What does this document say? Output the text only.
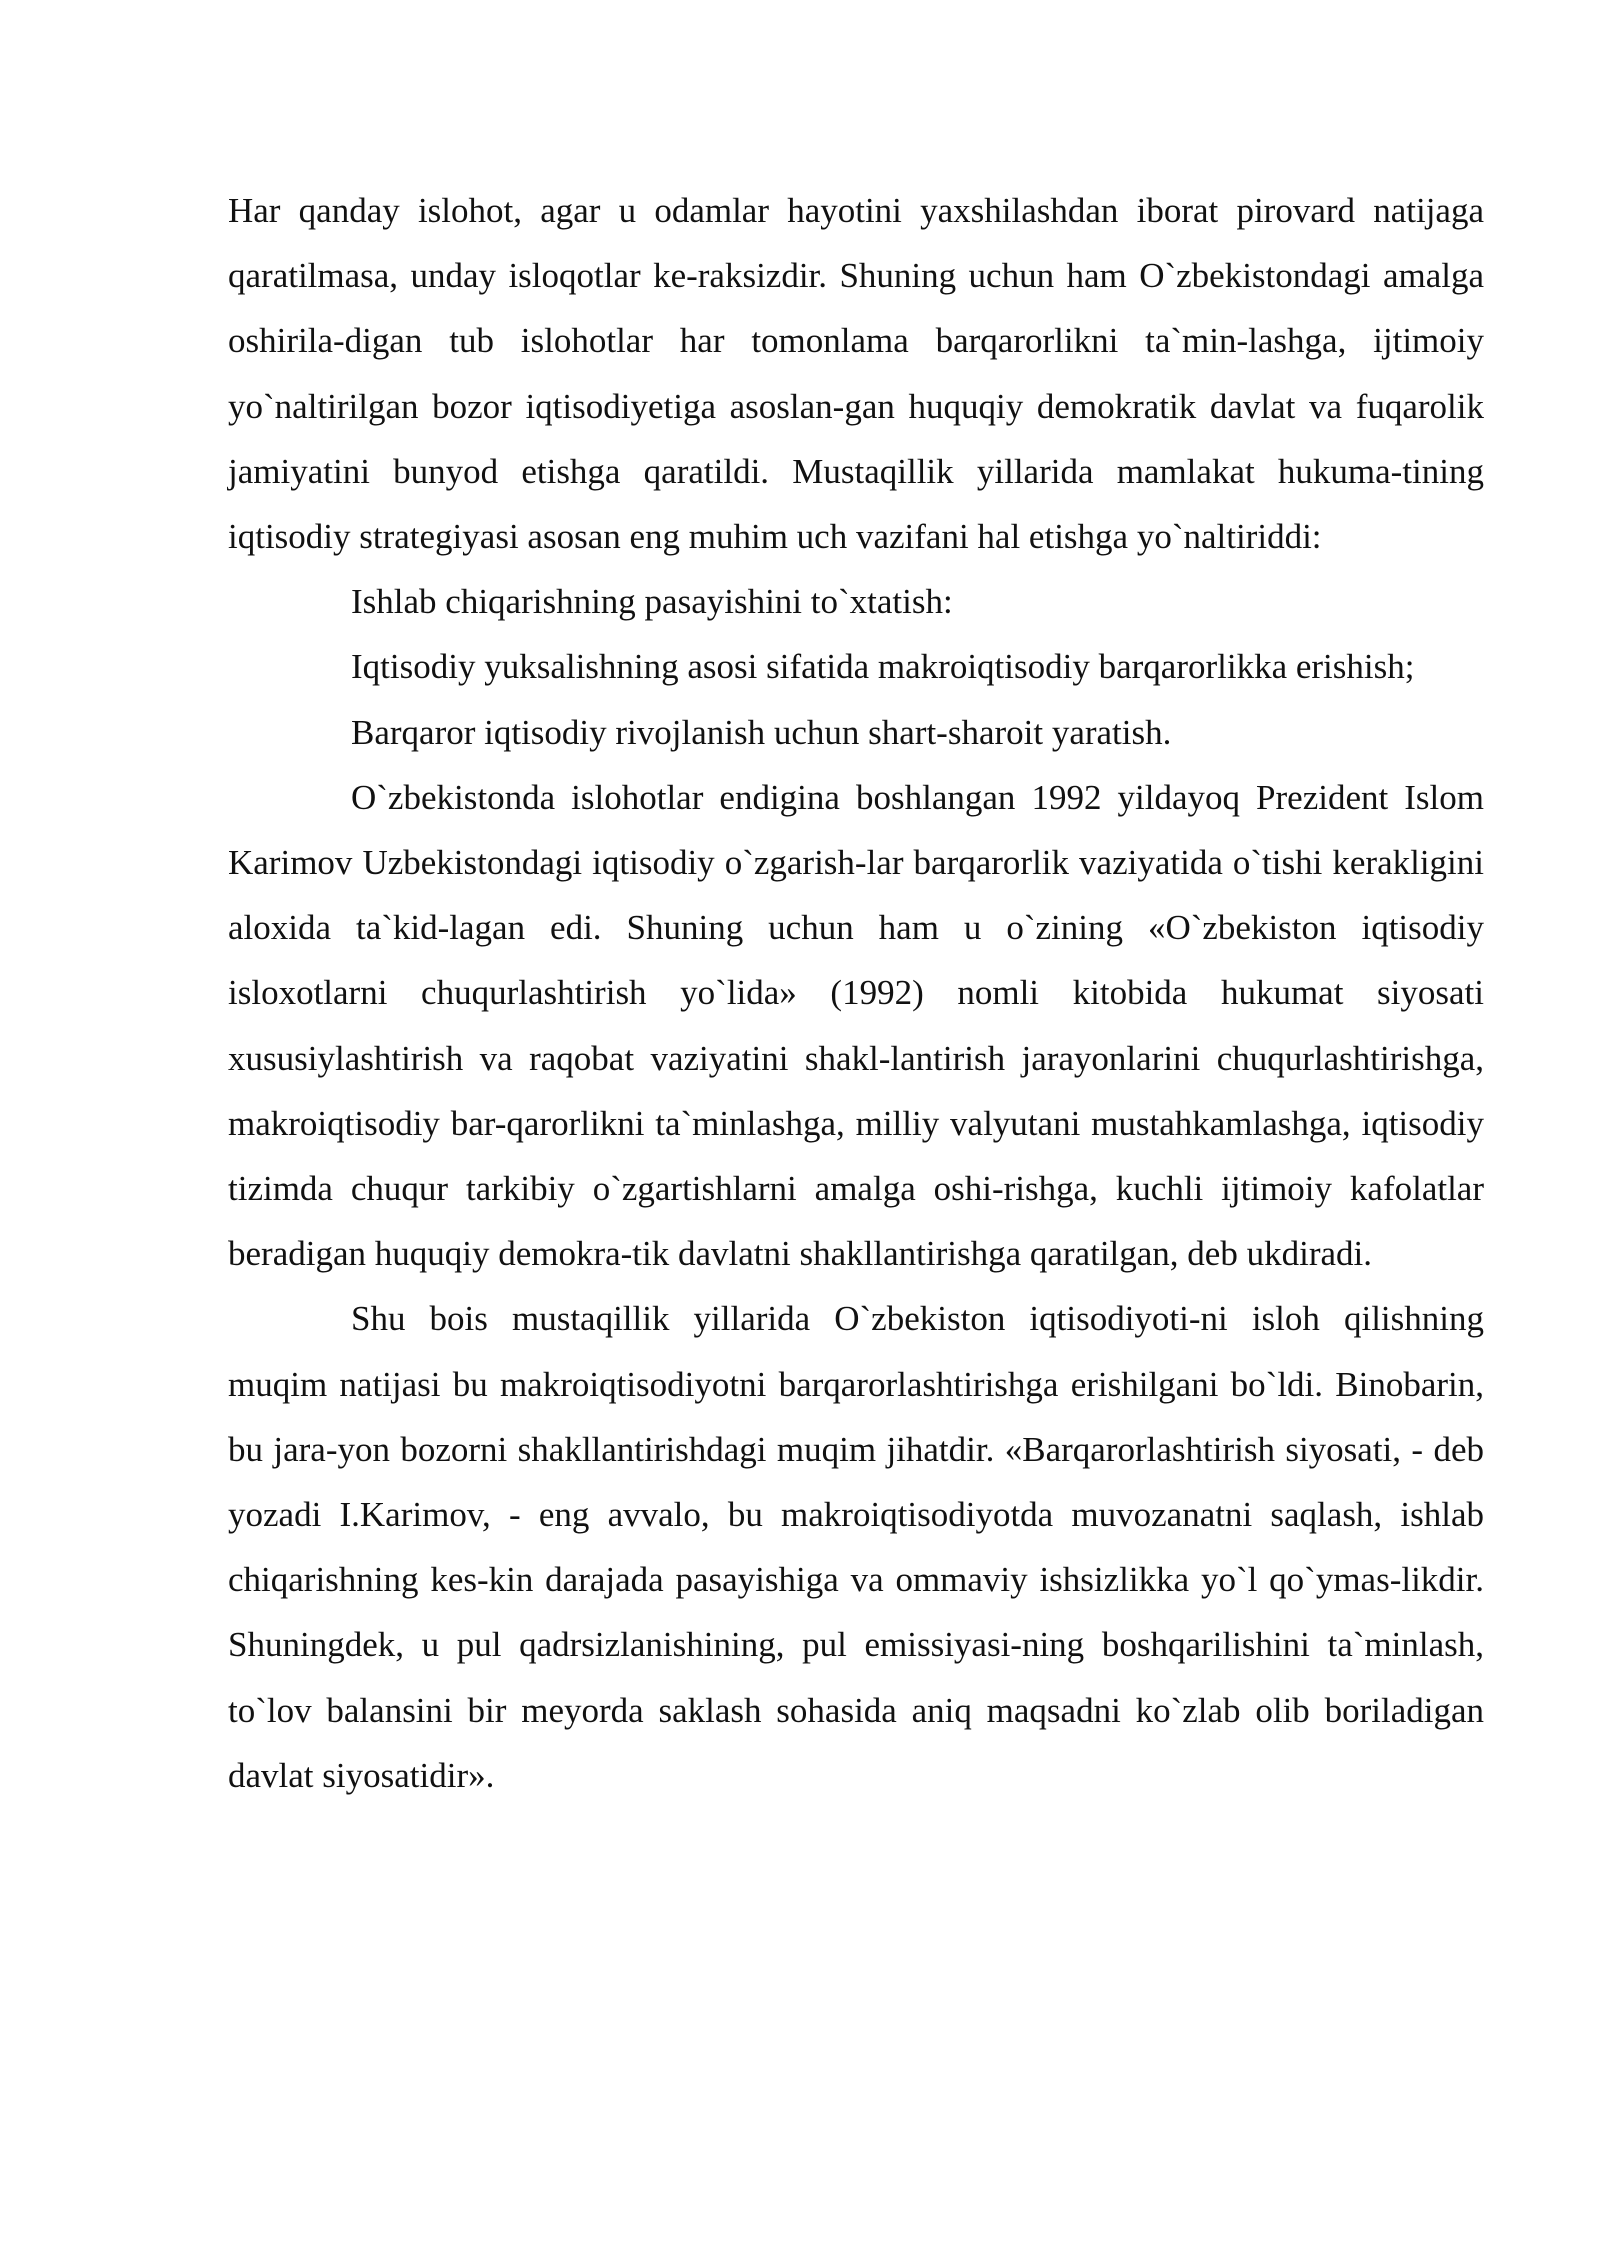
Har qanday islohot, agar u odamlar hayotini yaxshilashdan iborat pirovard natijaga qaratilmasa, unday isloqotlar ke-raksizdir. Shuning uchun ham O`zbekistondagi amalga oshirila-digan tub islohotlar har tomonlama barqarorlikni ta`min-lashga, ijtimoiy yo`naltirilgan bozor iqtisodiyetiga asoslan-gan huquqiy demokratik davlat va fuqarolik jamiyatini bunyod etishga qaratildi. Mustaqillik yillarida mamlakat hukuma-tining iqtisodiy strategiyasi asosan eng muhim uch vazifani hal etishga yo`naltiriddi:

Ishlab chiqarishning pasayishini to`xtatish:

Iqtisodiy yuksalishning asosi sifatida makroiqtisodiy barqarorlikka erishish;

Barqaror iqtisodiy rivojlanish uchun shart-sharoit yaratish.

O`zbekistonda islohotlar endigina boshlangan 1992 yildayoq Prezident Islom Karimov Uzbekistondagi iqtisodiy o`zgarish-lar barqarorlik vaziyatida o`tishi kerakligini aloxida ta`kid-lagan edi. Shuning uchun ham u o`zining «O`zbekiston iqtisodiy isloxotlarni chuqurlashtirish yo`lida» (1992) nomli kitobida hukumat siyosati xususiylashtirish va raqobat vaziyatini shakl-lantirish jarayonlarini chuqurlashtirishga, makroiqtisodiy bar-qarorlikni ta`minlashga, milliy valyutani mustahkamlashga, iqtisodiy tizimda chuqur tarkibiy o`zgartishlarni amalga oshi-rishga, kuchli ijtimoiy kafolatlar beradigan huquqiy demokra-tik davlatni shakllantirishga qaratilgan, deb ukdiradi.

Shu bois mustaqillik yillarida O`zbekiston iqtisodiyoti-ni isloh qilishning muqim natijasi bu makroiqtisodiyotni barqarorlashtirishga erishilgani bo`ldi. Binobarin, bu jara-yon bozorni shakllantirishdagi muqim jihatdir. «Barqarorlashtirish siyosati, - deb yozadi I.Karimov, - eng avvalo, bu makroiqtisodiyotda muvozanatni saqlash, ishlab chiqarishning kes-kin darajada pasayishiga va ommaviy ishsizlikka yo`l qo`ymas-likdir. Shuningdek, u pul qadrsizlanishining, pul emissiyasi-ning boshqarilishini ta`minlash, to`lov balansini bir meyorda saklash sohasida aniq maqsadni ko`zlab olib boriladigan davlat siyosatidir».
